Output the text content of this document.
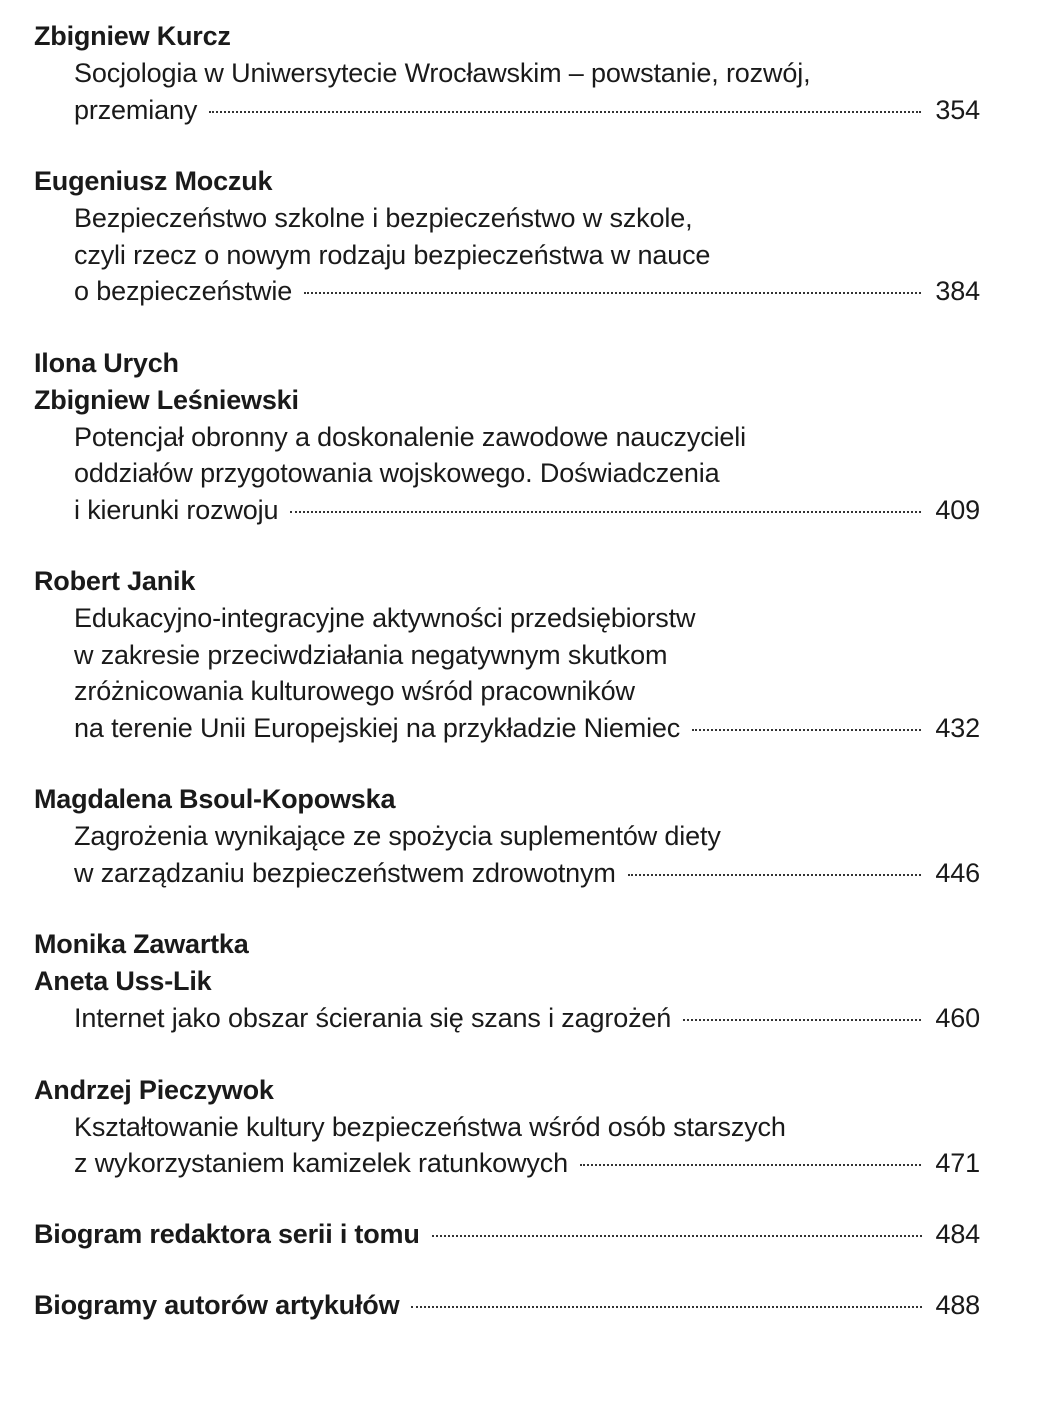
Zbigniew Kurcz
Socjologia w Uniwersytecie Wrocławskim – powstanie, rozwój,
przemiany	354
Eugeniusz Moczuk
Bezpieczeństwo szkolne i bezpieczeństwo w szkole,
czyli rzecz o nowym rodzaju bezpieczeństwa w nauce
o bezpieczeństwie	384
Ilona Urych
Zbigniew Leśniewski
Potencjał obronny a doskonalenie zawodowe nauczycieli
oddziałów przygotowania wojskowego. Doświadczenia
i kierunki rozwoju	409
Robert Janik
Edukacyjno-integracyjne aktywności przedsiębiorstw
w zakresie przeciwdziałania negatywnym skutkom
zróżnicowania kulturowego wśród pracowników
na terenie Unii Europejskiej na przykładzie Niemiec	432
Magdalena Bsoul-Kopowska
Zagrożenia wynikające ze spożycia suplementów diety
w zarządzaniu bezpieczeństwem zdrowotnym	446
Monika Zawartka
Aneta Uss-Lik
Internet jako obszar ścierania się szans i zagrożeń	460
Andrzej Pieczywok
Kształtowanie kultury bezpieczeństwa wśród osób starszych
z wykorzystaniem kamizelek ratunkowych	471
Biogram redaktora serii i tomu	484
Biogramy autorów artykułów	488
